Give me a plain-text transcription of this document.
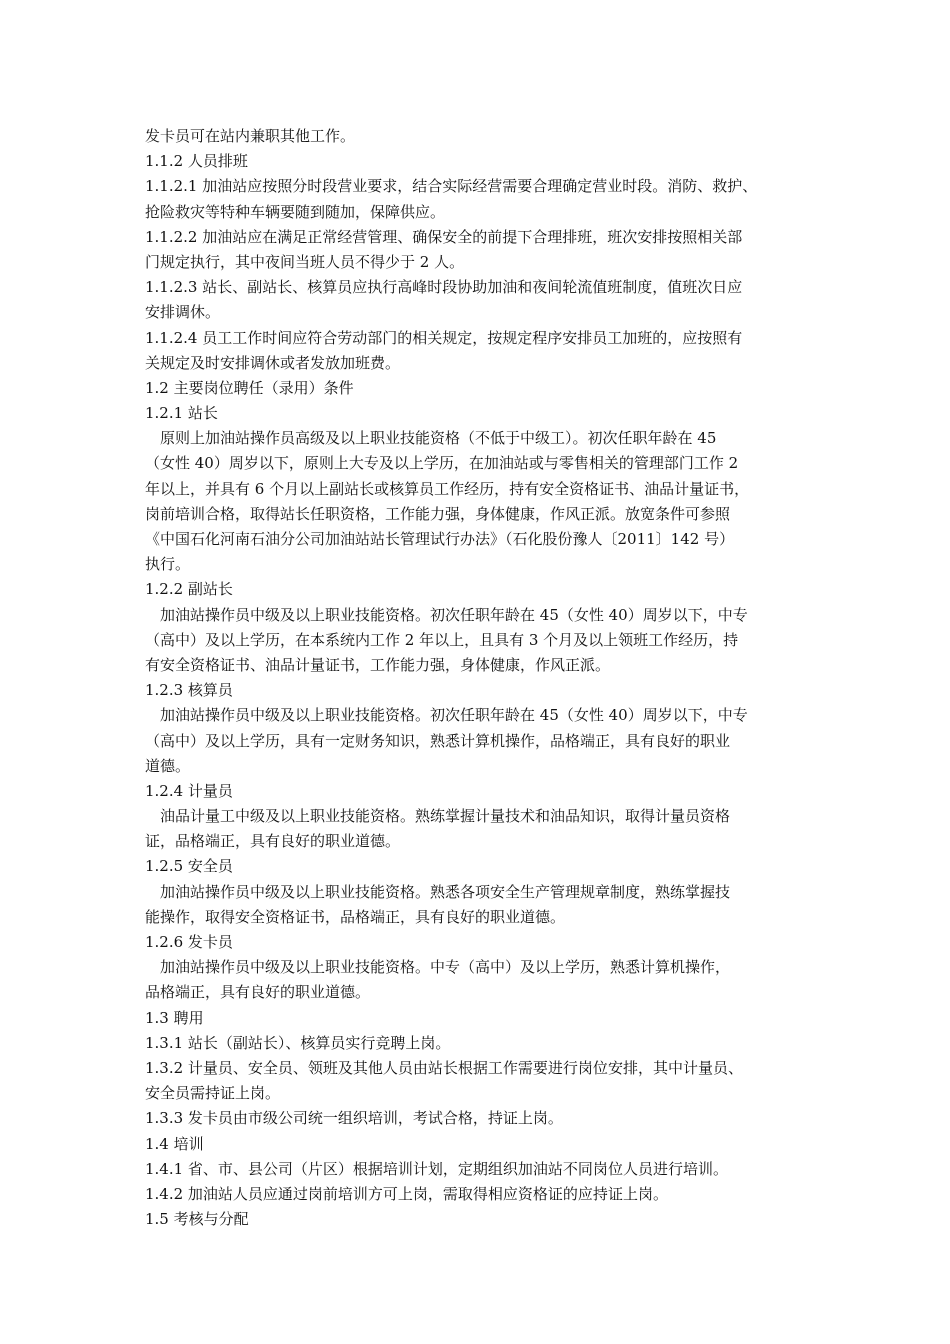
发卡员可在站内兼职其他工作。
1.1.2 人员排班
1.1.2.1 加油站应按照分时段营业要求，结合实际经营需要合理确定营业时段。消防、救护、
抢险救灾等特种车辆要随到随加，保障供应。
1.1.2.2 加油站应在满足正常经营管理、确保安全的前提下合理排班，班次安排按照相关部
门规定执行，其中夜间当班人员不得少于 2 人。
1.1.2.3 站长、副站长、核算员应执行高峰时段协助加油和夜间轮流值班制度，值班次日应
安排调休。
1.1.2.4 员工工作时间应符合劳动部门的相关规定，按规定程序安排员工加班的，应按照有
关规定及时安排调休或者发放加班费。
1.2 主要岗位聘任（录用）条件
1.2.1 站长
原则上加油站操作员高级及以上职业技能资格（不低于中级工）。初次任职年龄在 45
（女性 40）周岁以下，原则上大专及以上学历，在加油站或与零售相关的管理部门工作 2
年以上，并具有 6 个月以上副站长或核算员工作经历，持有安全资格证书、油品计量证书，
岗前培训合格，取得站长任职资格，工作能力强，身体健康，作风正派。放宽条件可参照
《中国石化河南石油分公司加油站站长管理试行办法》（石化股份豫人〔2011〕142 号）
执行。
1.2.2 副站长
加油站操作员中级及以上职业技能资格。初次任职年龄在 45（女性 40）周岁以下，中专
（高中）及以上学历，在本系统内工作 2 年以上，且具有 3 个月及以上领班工作经历，持
有安全资格证书、油品计量证书，工作能力强，身体健康，作风正派。
1.2.3 核算员
加油站操作员中级及以上职业技能资格。初次任职年龄在 45（女性 40）周岁以下，中专
（高中）及以上学历，具有一定财务知识，熟悉计算机操作，品格端正，具有良好的职业
道德。
1.2.4 计量员
油品计量工中级及以上职业技能资格。熟练掌握计量技术和油品知识，取得计量员资格
证，品格端正，具有良好的职业道德。
1.2.5 安全员
加油站操作员中级及以上职业技能资格。熟悉各项安全生产管理规章制度，熟练掌握技
能操作，取得安全资格证书，品格端正，具有良好的职业道德。
1.2.6 发卡员
加油站操作员中级及以上职业技能资格。中专（高中）及以上学历，熟悉计算机操作，
品格端正，具有良好的职业道德。
1.3 聘用
1.3.1 站长（副站长）、核算员实行竞聘上岗。
1.3.2 计量员、安全员、领班及其他人员由站长根据工作需要进行岗位安排，其中计量员、
安全员需持证上岗。
1.3.3 发卡员由市级公司统一组织培训，考试合格，持证上岗。
1.4 培训
1.4.1 省、市、县公司（片区）根据培训计划，定期组织加油站不同岗位人员进行培训。
1.4.2 加油站人员应通过岗前培训方可上岗，需取得相应资格证的应持证上岗。
1.5 考核与分配
